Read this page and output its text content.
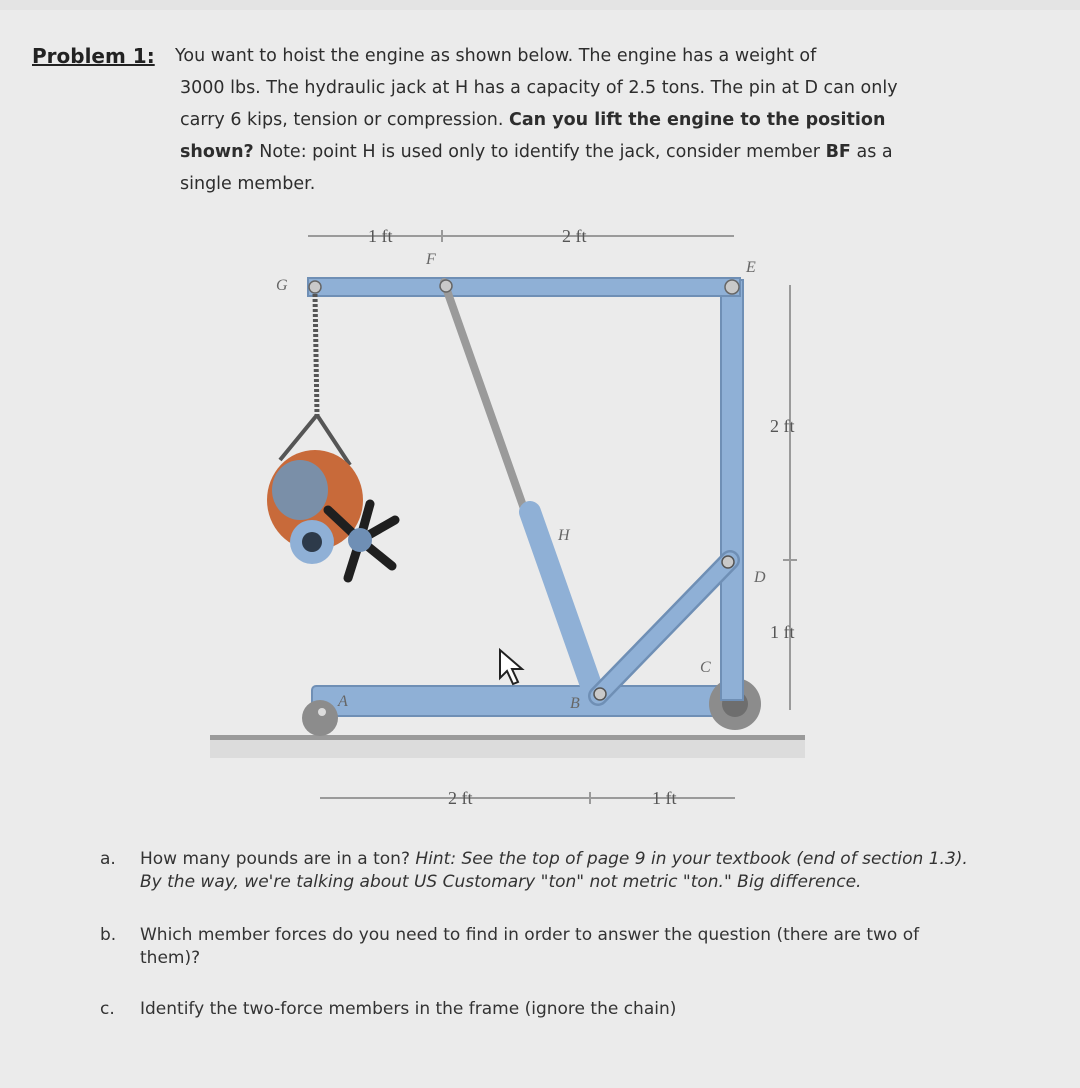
Problem 1: You want to hoist the engine as shown below. The engine has a weight of
3000 lbs. The hydraulic jack at H has a capacity of 2.5 tons. The pin at D can only
carry 6 kips, tension or compression. Can you lift the engine to the position
shown? Note: point H is used only to identify the jack, consider member BF as a
single member.
1 ft	2 ft
2 ft
1 ft
2 ft	1 ft
G
F	E
H
D
C
B
A
a. How many pounds are in a ton? Hint: See the top of page 9 in your textbook (end of section 1.3). By the way, we're talking about US Customary "ton" not metric "ton." Big difference.
b. Which member forces do you need to find in order to answer the question (there are two of them)?
c. Identify the two-force members in the frame (ignore the chain)
